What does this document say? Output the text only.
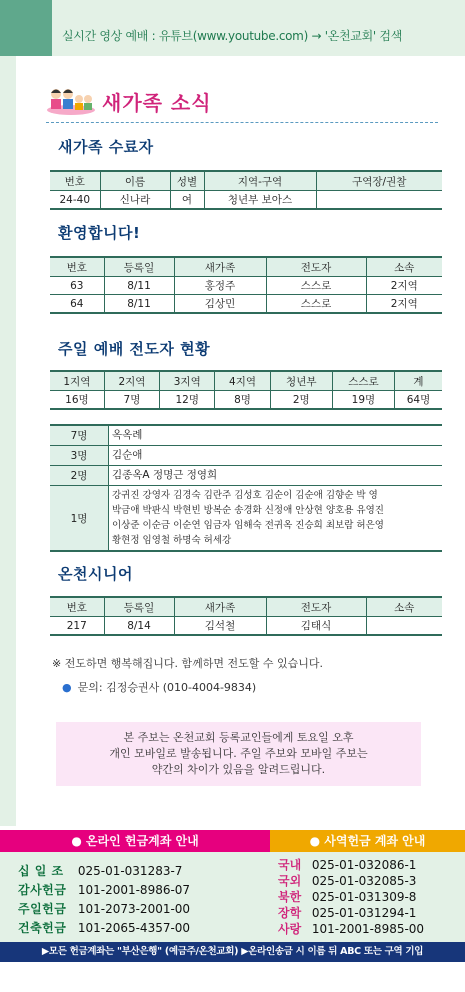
실시간 영상 예배 : 유튜브(www.youtube.com) → '온천교회' 검색
새가족 소식
새가족 수료자
번호	이름	성별	지역-구역	구역장/권찰
24-40	신나라	여	청년부 보아스	
환영합니다!
번호	등록일	새가족	전도자	소속
63	8/11	홍정주	스스로	2지역
64	8/11	김상민	스스로	2지역
주일 예배 전도자 현황
1지역	2지역	3지역	4지역	청년부	스스로	계
16명	7명	12명	8명	2명	19명	64명
7명	옥옥례

3명	김순애

2명	김종옥A 정명근 정영희

1명	강귀진 강영자 김경숙 김란주 김성호 김순이 김순애 김향순 박 영
박금애 박판식 박현빈 방복순 송경화 신정애 안상현 양호용 유영진
이상준 이순금 이순연 임금자 임해숙 전귀옥 진승희 최보람 허은영
황현정 임영철 하명숙 허세강
온천시니어
번호	등록일	새가족	전도자	소속
217	8/14	김석철	김태식	
※ 전도하면 행복해집니다. 함께하면 전도할 수 있습니다.
● 문의: 김정승권사 (010-4004-9834)
본 주보는 온천교회 등록교인들에게 토요일 오후
개인 모바일로 발송됩니다. 주일 주보와 모바일 주보는
약간의 차이가 있음을 알려드립니다.
● 온라인 헌금계좌 안내	● 사역헌금 계좌 안내
십 일 조 025-01-031283-7
감사헌금 101-2001-8986-07
주일헌금 101-2073-2001-00
건축헌금 101-2065-4357-00
국내 025-01-032086-1
국외 025-01-032085-3
북한 025-01-031309-8
장학 025-01-031294-1
사랑 101-2001-8985-00
▶모든 헌금계좌는 "부산은행" (예금주/온천교회) ▶온라인송금 시 이름 뒤 ABC 또는 구역 기입
